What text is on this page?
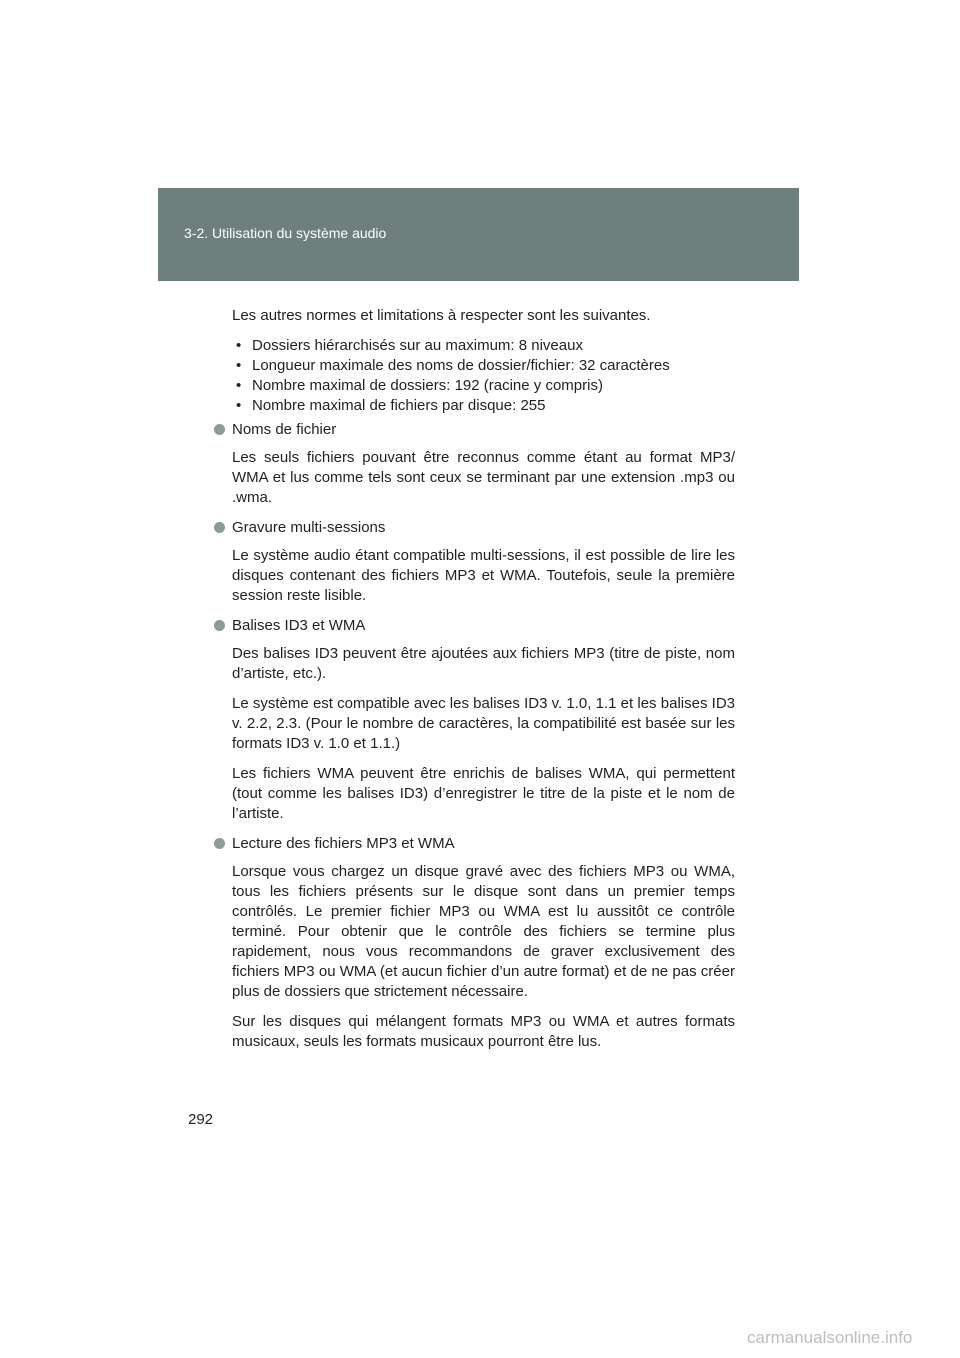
3-2. Utilisation du système audio

Les autres normes et limitations à respecter sont les suivantes.

• Dossiers hiérarchisés sur au maximum: 8 niveaux
• Longueur maximale des noms de dossier/fichier: 32 caractères
• Nombre maximal de dossiers: 192 (racine y compris)
• Nombre maximal de fichiers par disque: 255
Noms de fichier

Les seuls fichiers pouvant être reconnus comme étant au format MP3/ WMA et lus comme tels sont ceux se terminant par une extension .mp3 ou .wma.

Gravure multi-sessions

Le système audio étant compatible multi-sessions, il est possible de lire les disques contenant des fichiers MP3 et WMA. Toutefois, seule la première session reste lisible.

Balises ID3 et WMA

Des balises ID3 peuvent être ajoutées aux fichiers MP3 (titre de piste, nom d’artiste, etc.).

Le système est compatible avec les balises ID3 v. 1.0, 1.1 et les balises ID3 v. 2.2, 2.3. (Pour le nombre de caractères, la compatibilité est basée sur les formats ID3 v. 1.0 et 1.1.)

Les fichiers WMA peuvent être enrichis de balises WMA, qui permettent (tout comme les balises ID3) d’enregistrer le titre de la piste et le nom de l’artiste.

Lecture des fichiers MP3 et WMA

Lorsque vous chargez un disque gravé avec des fichiers MP3 ou WMA, tous les fichiers présents sur le disque sont dans un premier temps contrôlés. Le premier fichier MP3 ou WMA est lu aussitôt ce contrôle terminé. Pour obtenir que le contrôle des fichiers se termine plus rapidement, nous vous recommandons de graver exclusivement des fichiers MP3 ou WMA (et aucun fichier d’un autre format) et de ne pas créer plus de dossiers que strictement nécessaire.

Sur les disques qui mélangent formats MP3 ou WMA et autres formats musicaux, seuls les formats musicaux pourront être lus.

292
carmanualsonline.info
